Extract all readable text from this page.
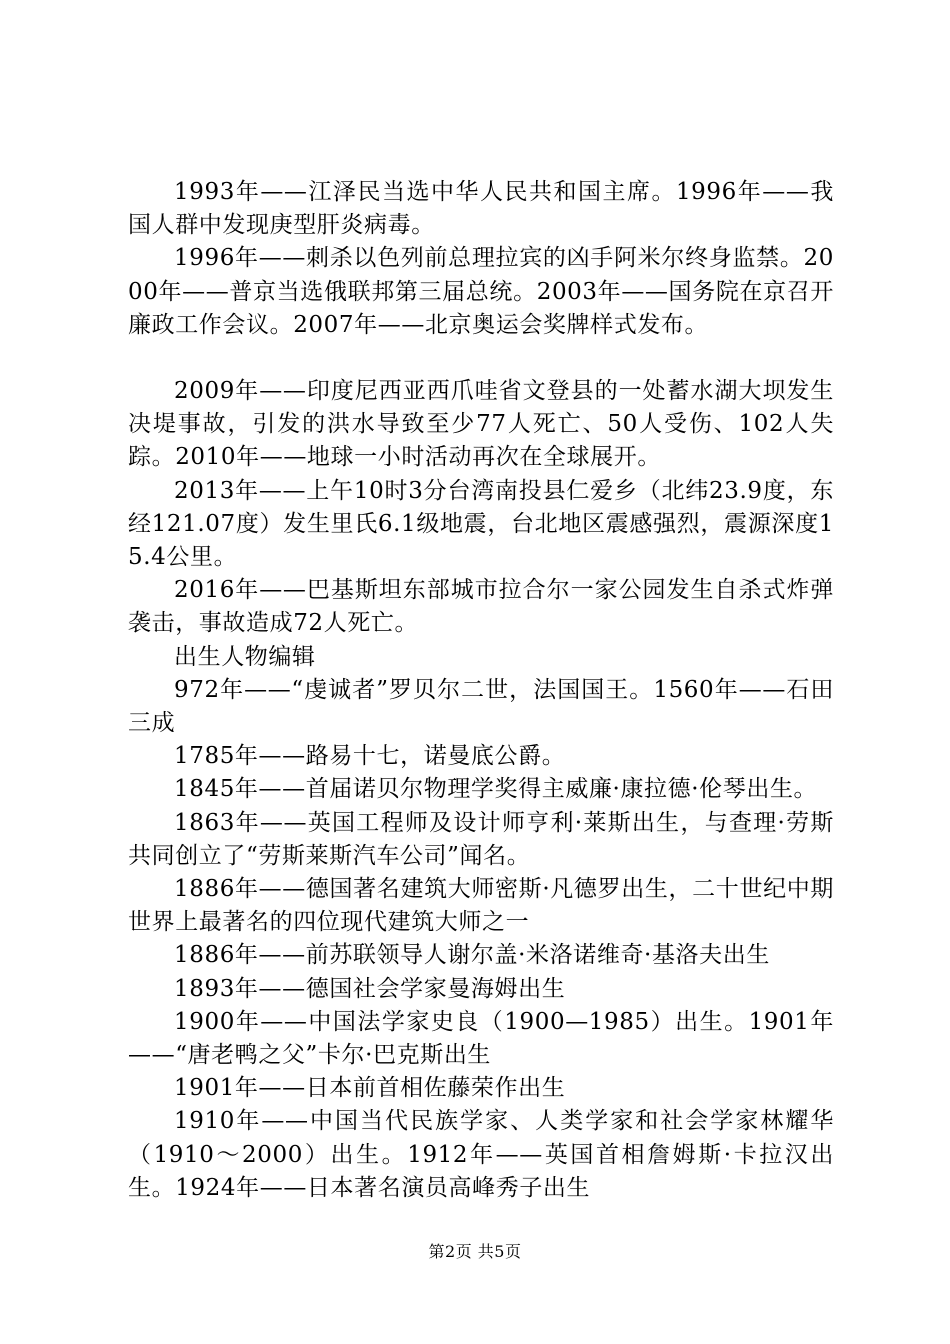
1993年——江泽民当选中华人民共和国主席。1996年——我国人群中发现庚型肝炎病毒。

1996年——刺杀以色列前总理拉宾的凶手阿米尔终身监禁。2000年——普京当选俄联邦第三届总统。2003年——国务院在京召开廉政工作会议。2007年——北京奥运会奖牌样式发布。

2009年——印度尼西亚西爪哇省文登县的一处蓄水湖大坝发生决堤事故，引发的洪水导致至少77人死亡、50人受伤、102人失踪。2010年——地球一小时活动再次在全球展开。

2013年——上午10时3分台湾南投县仁爱乡（北纬23.9度，东经121.07度）发生里氏6.1级地震，台北地区震感强烈，震源深度15.4公里。

2016年——巴基斯坦东部城市拉合尔一家公园发生自杀式炸弹袭击，事故造成72人死亡。

出生人物编辑

972年——“虔诚者”罗贝尔二世，法国国王。1560年——石田三成

1785年——路易十七，诺曼底公爵。

1845年——首届诺贝尔物理学奖得主威廉·康拉德·伦琴出生。

1863年——英国工程师及设计师亨利·莱斯出生，与查理·劳斯共同创立了“劳斯莱斯汽车公司”闻名。

1886年——德国著名建筑大师密斯·凡德罗出生，二十世纪中期世界上最著名的四位现代建筑大师之一

1886年——前苏联领导人谢尔盖·米洛诺维奇·基洛夫出生

1893年——德国社会学家曼海姆出生

1900年——中国法学家史良（1900—1985）出生。1901年——“唐老鸭之父”卡尔·巴克斯出生

1901年——日本前首相佐藤荣作出生

1910年——中国当代民族学家、人类学家和社会学家林耀华（1910～2000）出生。1912年——英国首相詹姆斯·卡拉汉出生。1924年——日本著名演员高峰秀子出生

第2页 共5页
